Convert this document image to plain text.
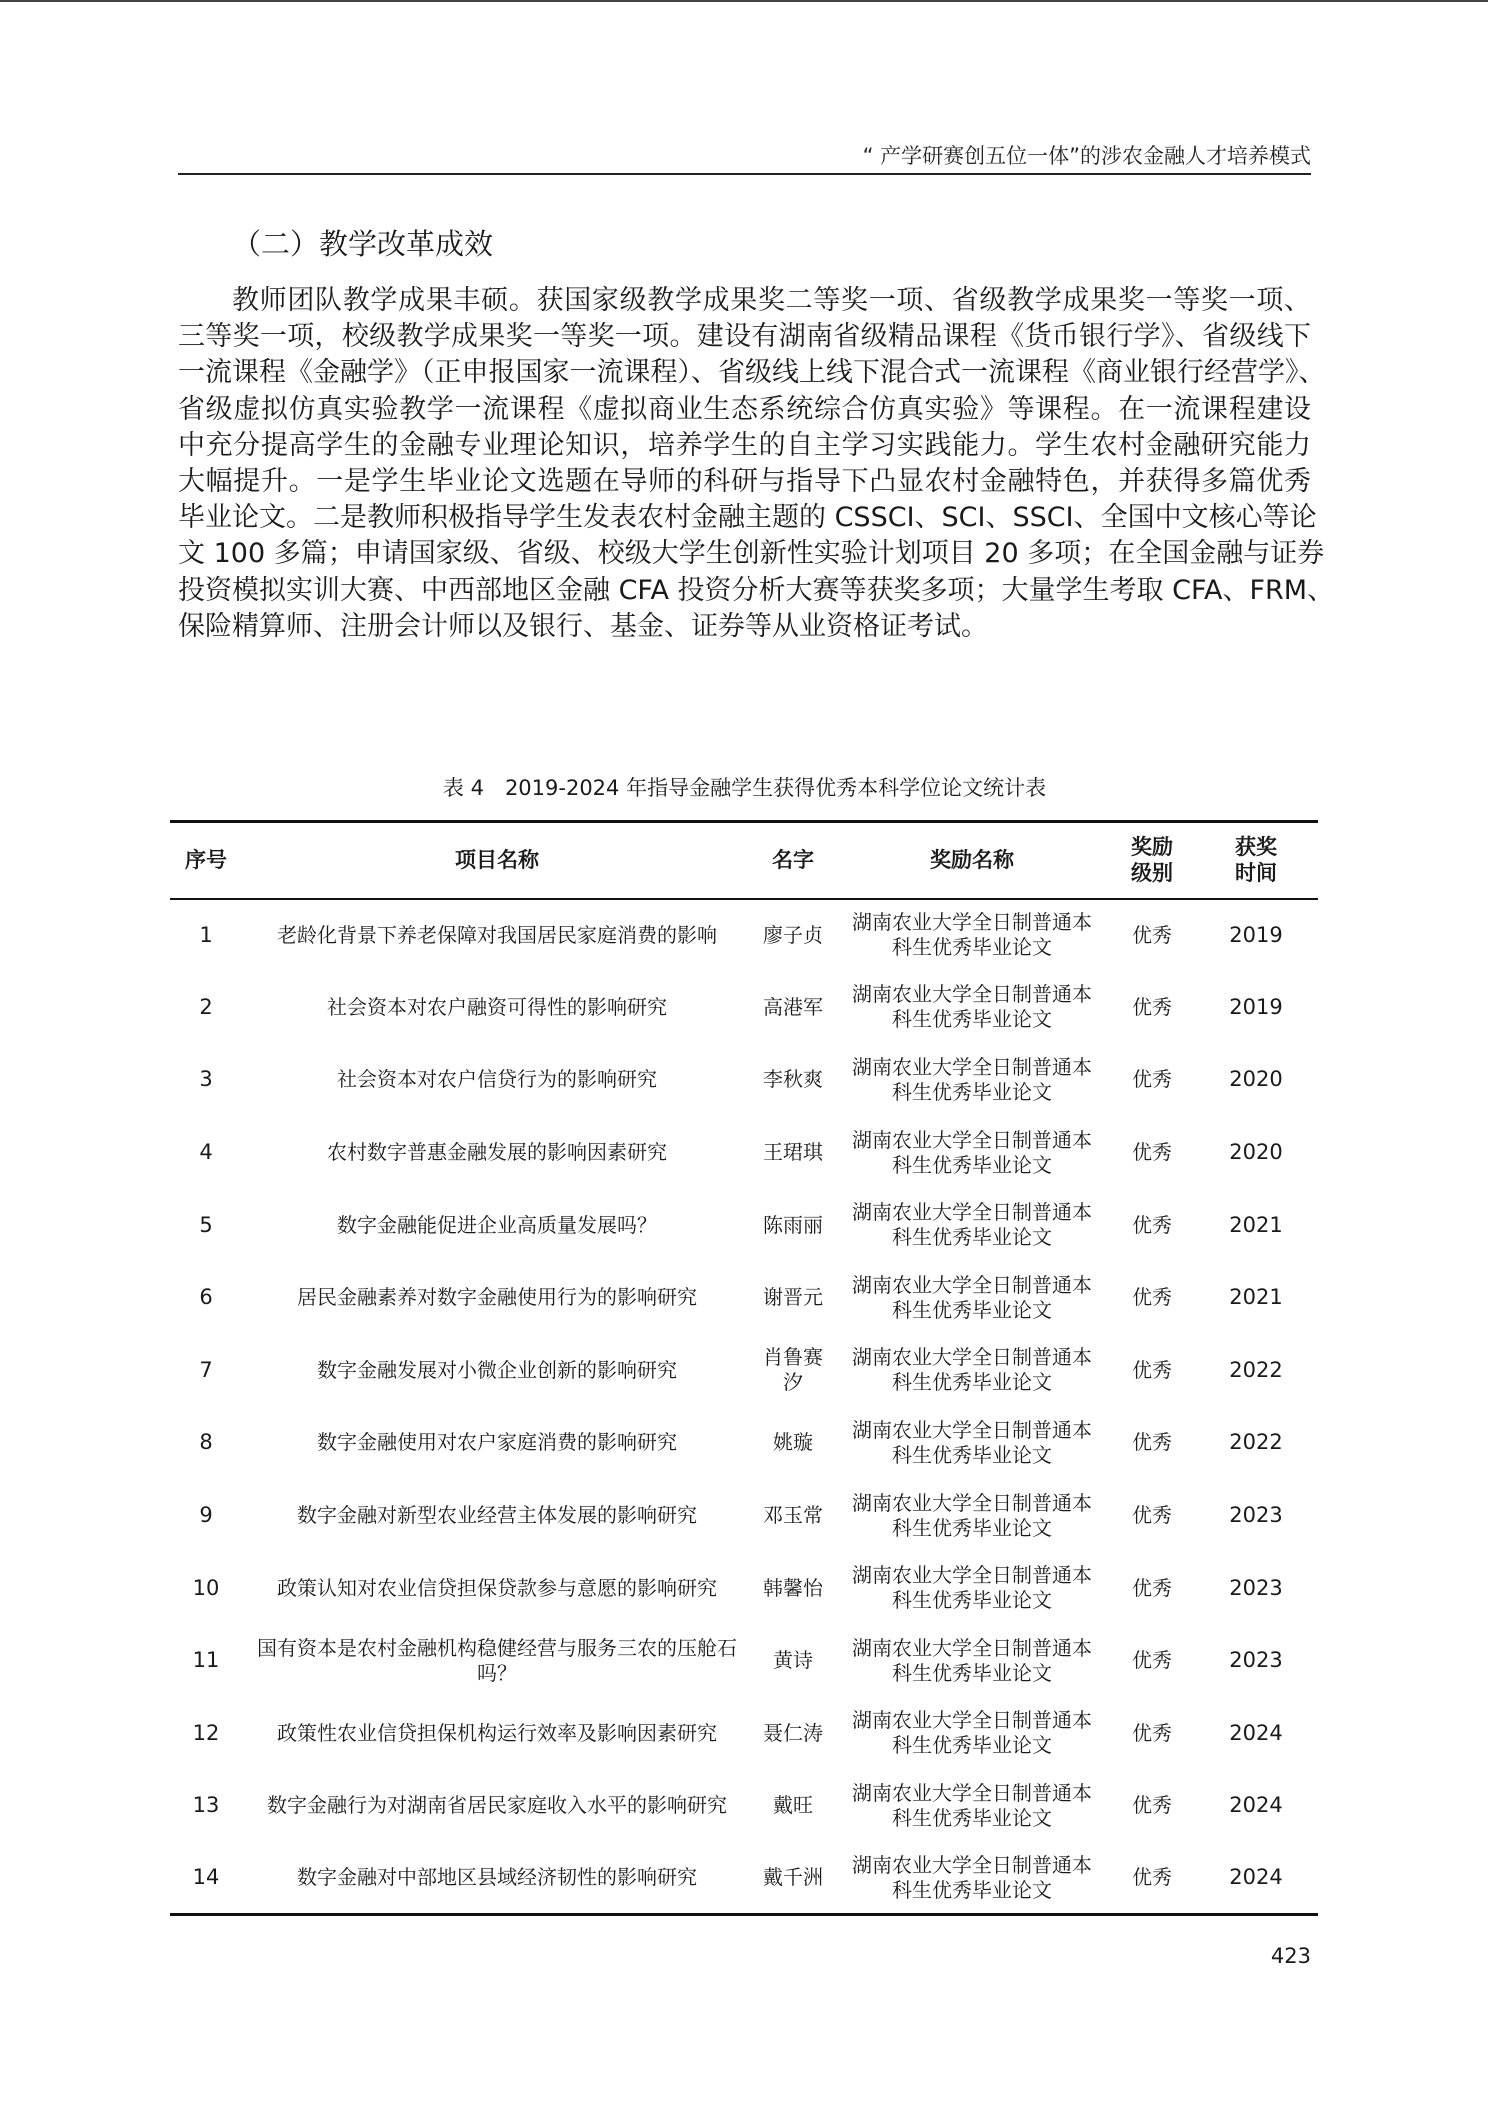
“ 产学研赛创五位一体”的涉农金融人才培养模式
（二）教学改革成效
教师团队教学成果丰硕。获国家级教学成果奖二等奖一项、省级教学成果奖一等奖一项、
三等奖一项，校级教学成果奖一等奖一项。建设有湖南省级精品课程《货币银行学》、省级线下
一流课程《金融学》（正申报国家一流课程）、省级线上线下混合式一流课程《商业银行经营学》、
省级虚拟仿真实验教学一流课程《虚拟商业生态系统综合仿真实验》等课程。在一流课程建设
中充分提高学生的金融专业理论知识，培养学生的自主学习实践能力。学生农村金融研究能力
大幅提升。一是学生毕业论文选题在导师的科研与指导下凸显农村金融特色，并获得多篇优秀
毕业论文。二是教师积极指导学生发表农村金融主题的 CSSCI、SCI、SSCI、全国中文核心等论
文 100 多篇；申请国家级、省级、校级大学生创新性实验计划项目 20 多项；在全国金融与证券
投资模拟实训大赛、中西部地区金融 CFA 投资分析大赛等获奖多项；大量学生考取 CFA、FRM、
保险精算师、注册会计师以及银行、基金、证券等从业资格证考试。
表 4　2019-2024 年指导金融学生获得优秀本科学位论文统计表
序号	项目名称	名字	奖励名称	奖励
级别	获奖
时间
1	老龄化背景下养老保障对我国居民家庭消费的影响	廖子贞	湖南农业大学全日制普通本
科生优秀毕业论文	优秀	2019
2	社会资本对农户融资可得性的影响研究	高港军	湖南农业大学全日制普通本
科生优秀毕业论文	优秀	2019
3	社会资本对农户信贷行为的影响研究	李秋爽	湖南农业大学全日制普通本
科生优秀毕业论文	优秀	2020
4	农村数字普惠金融发展的影响因素研究	王珺琪	湖南农业大学全日制普通本
科生优秀毕业论文	优秀	2020
5	数字金融能促进企业高质量发展吗？	陈雨丽	湖南农业大学全日制普通本
科生优秀毕业论文	优秀	2021
6	居民金融素养对数字金融使用行为的影响研究	谢晋元	湖南农业大学全日制普通本
科生优秀毕业论文	优秀	2021
7	数字金融发展对小微企业创新的影响研究	肖鲁赛汐	湖南农业大学全日制普通本
科生优秀毕业论文	优秀	2022
8	数字金融使用对农户家庭消费的影响研究	姚璇	湖南农业大学全日制普通本
科生优秀毕业论文	优秀	2022
9	数字金融对新型农业经营主体发展的影响研究	邓玉常	湖南农业大学全日制普通本
科生优秀毕业论文	优秀	2023
10	政策认知对农业信贷担保贷款参与意愿的影响研究	韩馨怡	湖南农业大学全日制普通本
科生优秀毕业论文	优秀	2023
11	国有资本是农村金融机构稳健经营与服务三农的压舱石吗？	黄诗	湖南农业大学全日制普通本
科生优秀毕业论文	优秀	2023
12	政策性农业信贷担保机构运行效率及影响因素研究	聂仁涛	湖南农业大学全日制普通本
科生优秀毕业论文	优秀	2024
13	数字金融行为对湖南省居民家庭收入水平的影响研究	戴旺	湖南农业大学全日制普通本
科生优秀毕业论文	优秀	2024
14	数字金融对中部地区县域经济韧性的影响研究	戴千洲	湖南农业大学全日制普通本
科生优秀毕业论文	优秀	2024
423
